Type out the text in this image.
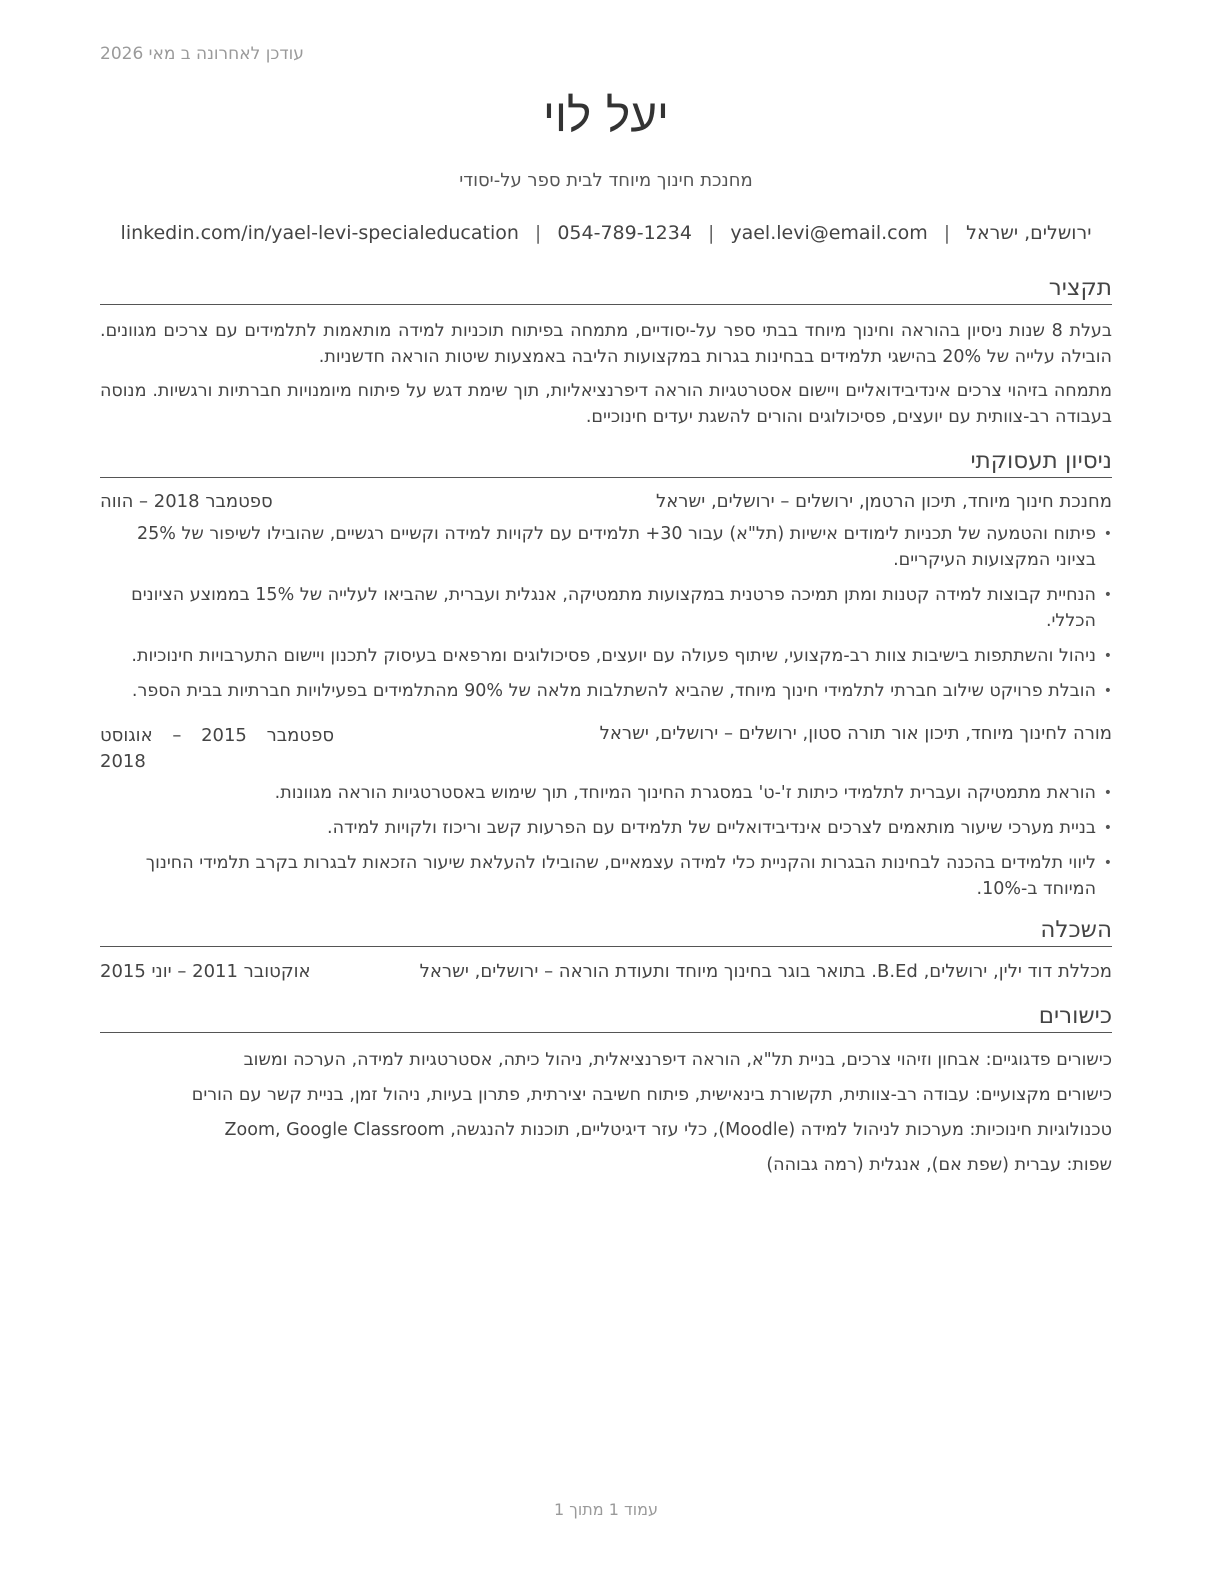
עודכן לאחרונה ב מאי 2026
יעל לוי
מחנכת חינוך מיוחד לבית ספר על-יסודי
ירושלים, ישראל|yael.levi@email.com|054-789-1234|linkedin.com/in/yael-levi-specialeducation
תקציר
בעלת 8 שנות ניסיון בהוראה וחינוך מיוחד בבתי ספר על-יסודיים, מתמחה בפיתוח תוכניות למידה מותאמות לתלמידים עם צרכים מגוונים. הובילה עלייה של 20% בהישגי תלמידים בבחינות בגרות במקצועות הליבה באמצעות שיטות הוראה חדשניות.
מתמחה בזיהוי צרכים אינדיבידואליים ויישום אסטרטגיות הוראה דיפרנציאליות, תוך שימת דגש על פיתוח מיומנויות חברתיות ורגשיות. מנוסה בעבודה רב-צוותית עם יועצים, פסיכולוגים והורים להשגת יעדים חינוכיים.
ניסיון תעסוקתי
מחנכת חינוך מיוחד, תיכון הרטמן, ירושלים – ירושלים, ישראל
ספטמבר 2018 – הווה
• פיתוח והטמעה של תכניות לימודים אישיות (תל"א) עבור 30+ תלמידים עם לקויות למידה וקשיים רגשיים, שהובילו לשיפור של 25% בציוני המקצועות העיקריים.
• הנחיית קבוצות למידה קטנות ומתן תמיכה פרטנית במקצועות מתמטיקה, אנגלית ועברית, שהביאו לעלייה של 15% בממוצע הציונים הכללי.
• ניהול והשתתפות בישיבות צוות רב-מקצועי, שיתוף פעולה עם יועצים, פסיכולוגים ומרפאים בעיסוק לתכנון ויישום התערבויות חינוכיות.
• הובלת פרויקט שילוב חברתי לתלמידי חינוך מיוחד, שהביא להשתלבות מלאה של 90% מהתלמידים בפעילויות חברתיות בבית הספר.
מורה לחינוך מיוחד, תיכון אור תורה סטון, ירושלים – ירושלים, ישראל
ספטמבר 2015 – אוגוסט 2018
• הוראת מתמטיקה ועברית לתלמידי כיתות ז'-ט' במסגרת החינוך המיוחד, תוך שימוש באסטרטגיות הוראה מגוונות.
• בניית מערכי שיעור מותאמים לצרכים אינדיבידואליים של תלמידים עם הפרעות קשב וריכוז ולקויות למידה.
• ליווי תלמידים בהכנה לבחינות הבגרות והקניית כלי למידה עצמאיים, שהובילו להעלאת שיעור הזכאות לבגרות בקרב תלמידי החינוך המיוחד ב-10%.
השכלה
מכללת דוד ילין, ירושלים, B.Ed. בתואר בוגר בחינוך מיוחד ותעודת הוראה – ירושלים, ישראל
אוקטובר 2011 – יוני 2015
כישורים
כישורים פדגוגיים: אבחון וזיהוי צרכים, בניית תל"א, הוראה דיפרנציאלית, ניהול כיתה, אסטרטגיות למידה, הערכה ומשוב
כישורים מקצועיים: עבודה רב-צוותית, תקשורת בינאישית, פיתוח חשיבה יצירתית, פתרון בעיות, ניהול זמן, בניית קשר עם הורים
טכנולוגיות חינוכיות: מערכות לניהול למידה (Moodle), כלי עזר דיגיטליים, תוכנות להנגשה, Zoom, Google Classroom
שפות: עברית (שפת אם), אנגלית (רמה גבוהה)
עמוד 1 מתוך 1
